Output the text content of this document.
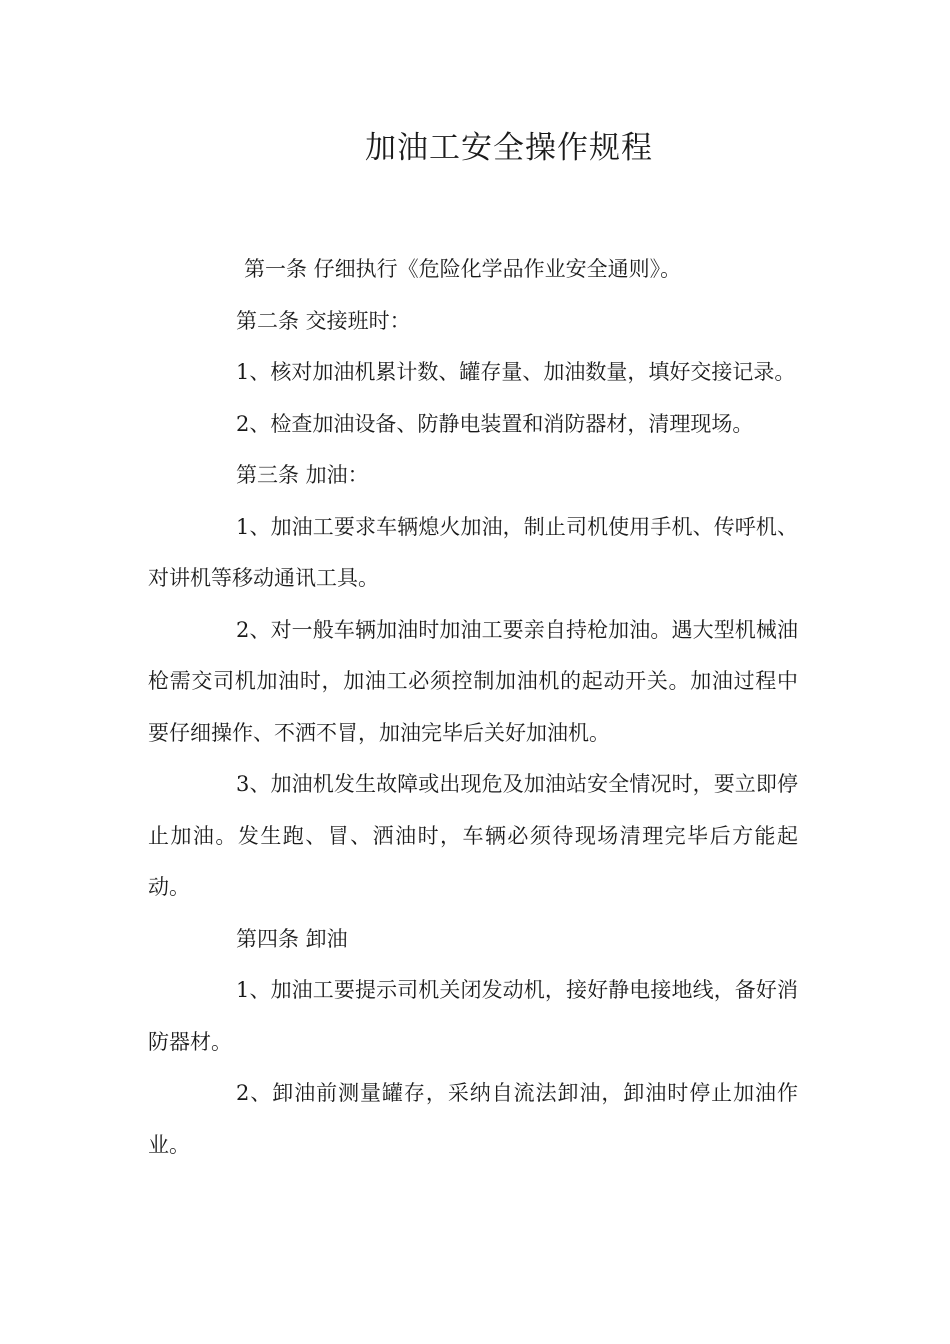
加油工安全操作规程

第一条 仔细执行《危险化学品作业安全通则》。

第二条 交接班时：

1、核对加油机累计数、罐存量、加油数量，填好交接记录。

2、检查加油设备、防静电装置和消防器材，清理现场。

第三条 加油：

1、加油工要求车辆熄火加油，制止司机使用手机、传呼机、对讲机等移动通讯工具。

2、对一般车辆加油时加油工要亲自持枪加油。遇大型机械油枪需交司机加油时，加油工必须控制加油机的起动开关。加油过程中要仔细操作、不洒不冒，加油完毕后关好加油机。

3、加油机发生故障或出现危及加油站安全情况时，要立即停止加油。发生跑、冒、洒油时，车辆必须待现场清理完毕后方能起动。

第四条 卸油

1、加油工要提示司机关闭发动机，接好静电接地线，备好消防器材。

2、卸油前测量罐存，采纳自流法卸油，卸油时停止加油作业。
